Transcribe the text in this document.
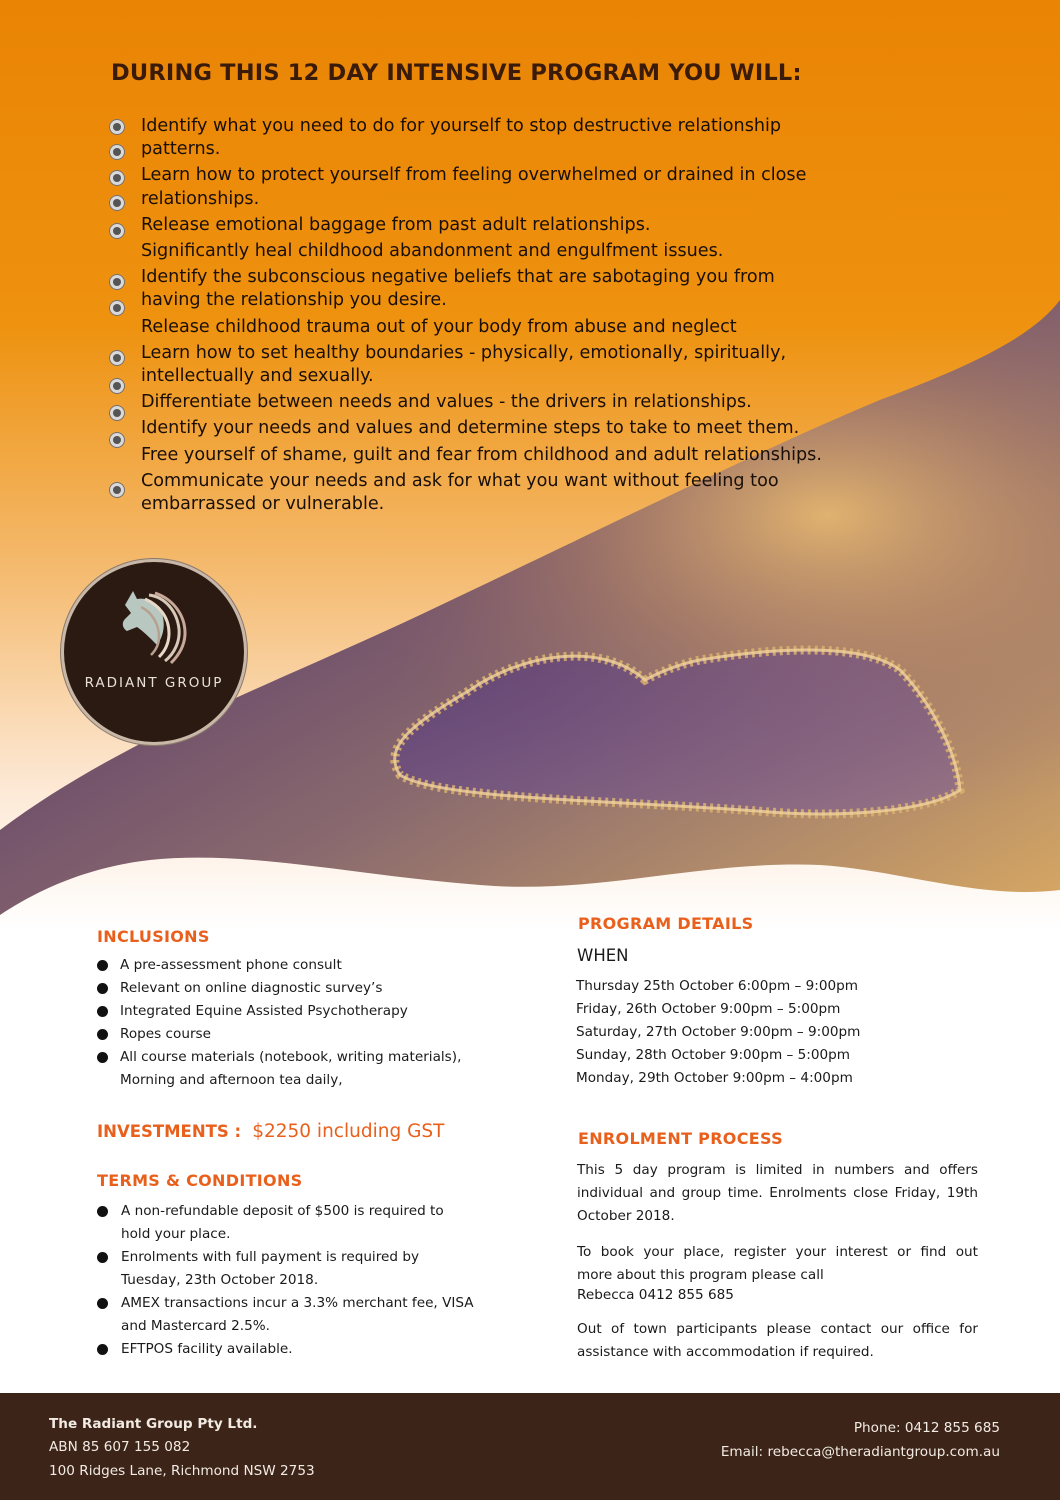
DURING THIS 12 DAY INTENSIVE PROGRAM YOU WILL:
Identify what you need to do for yourself to stop destructive relationship
patterns.
Learn how to protect yourself from feeling overwhelmed or drained in close
relationships.
Release emotional baggage from past adult relationships.
Significantly heal childhood abandonment and engulfment issues.
Identify the subconscious negative beliefs that are sabotaging you from
having the relationship you desire.
Release childhood trauma out of your body from abuse and neglect
Learn how to set healthy boundaries - physically, emotionally, spiritually,
intellectually and sexually.
Differentiate between needs and values - the drivers in relationships.
Identify your needs and values and determine steps to take to meet them.
Free yourself of shame, guilt and fear from childhood and adult relationships.
Communicate your needs and ask for what you want without feeling too
embarrassed or vulnerable.
RADIANT GROUP
INCLUSIONS
A pre-assessment phone consult
Relevant on online diagnostic survey’s
Integrated Equine Assisted Psychotherapy
Ropes course
All course materials (notebook, writing materials),
Morning and afternoon tea daily,

INVESTMENTS : $2250 including GST

TERMS & CONDITIONS
A non-refundable deposit of $500 is required to
hold your place.
Enrolments with full payment is required by
Tuesday, 23th October 2018.
AMEX transactions incur a 3.3% merchant fee, VISA
and Mastercard 2.5%.
EFTPOS facility available.
PROGRAM DETAILS

WHEN

Thursday 25th October 6:00pm – 9:00pm
Friday, 26th October 9:00pm – 5:00pm
Saturday, 27th October 9:00pm – 9:00pm
Sunday, 28th October 9:00pm – 5:00pm
Monday, 29th October 9:00pm – 4:00pm
ENROLMENT PROCESS
This 5 day program is limited in numbers and offers
individual and group time. Enrolments close Friday, 19th
October 2018.
To book your place, register your interest or find out
more about this program please call
Rebecca 0412 855 685
Out of town participants please contact our office for
assistance with accommodation if required.

The Radiant Group Pty Ltd.

ABN 85 607 155 082

100 Ridges Lane, Richmond NSW 2753

Phone: 0412 855 685

Email: rebecca@theradiantgroup.com.au
